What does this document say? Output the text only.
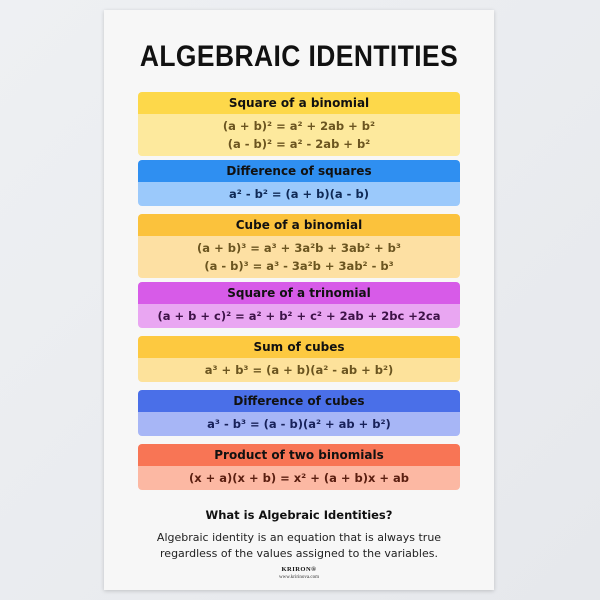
ALGEBRAIC IDENTITIES
Square of a binomial
(a + b)² = a² + 2ab + b²
(a - b)² = a² - 2ab + b²
Difference of squares
a² - b² = (a + b)(a - b)
Cube of a binomial
(a + b)³ = a³ + 3a²b + 3ab² + b³
(a - b)³ = a³ - 3a²b + 3ab² - b³
Square of a trinomial
(a + b + c)² = a² + b² + c² + 2ab + 2bc +2ca
Sum of cubes
a³ + b³ = (a + b)(a² - ab + b²)
Difference of cubes
a³ - b³ = (a - b)(a² + ab + b²)
Product of two binomials
(x + a)(x + b) = x² + (a + b)x + ab
What is Algebraic Identities?
Algebraic identity is an equation that is always true regardless of the values assigned to the variables.
KRIRON®
www.kririnova.com
